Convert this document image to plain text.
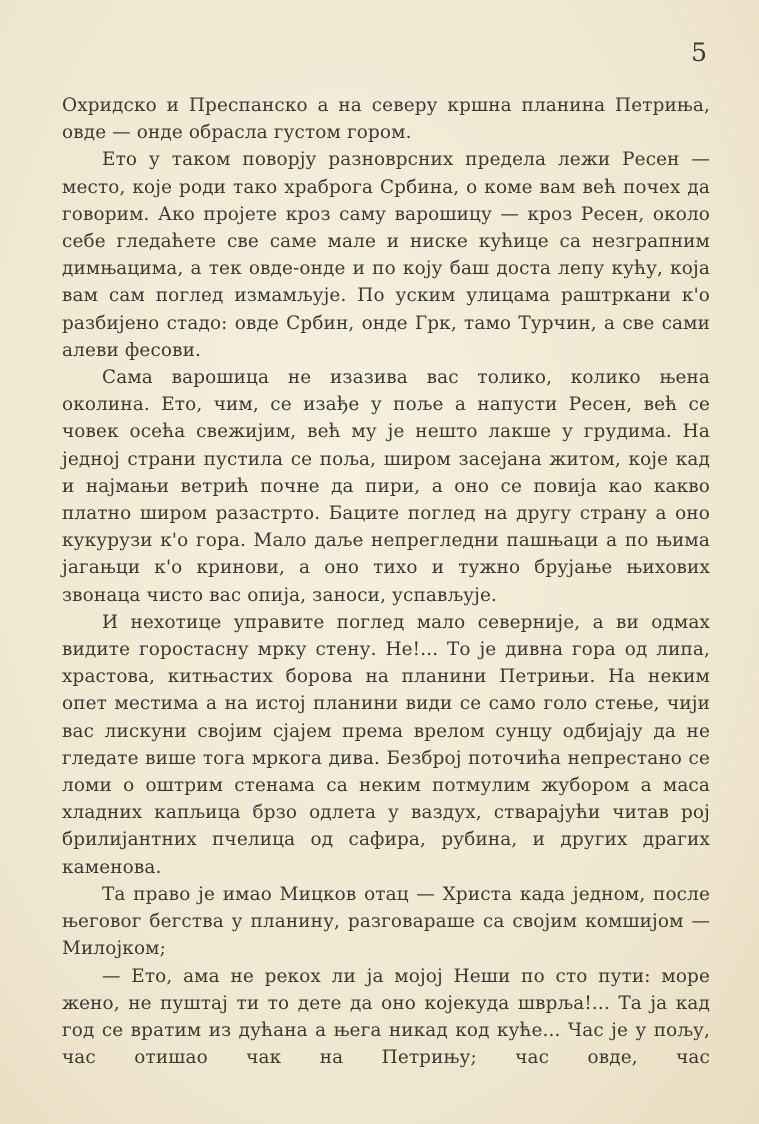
5

Охридско и Преспанско а на северу кршна планина Петриња, овде — онде обрасла густом гором.

Ето у таком поворју разноврсних предела лежи Ресен — место, које роди тако храброга Србина, о коме вам већ почех да говорим. Ако пројете кроз саму варошицу — кроз Ресен, около себе гледаћете све саме мале и ниске кућице са незграпним димњацима, а тек овде-онде и по коју баш доста лепу кућу, која вам сам поглед измамљује. По уским улицама раштркани к'о разбијено стадо: овде Србин, онде Грк, тамо Турчин, а све сами алеви фесови.

Сама варошица не изазива вас толико, колико њена околина. Ето, чим, се изађе у поље а напусти Ресен, већ се човек осећа свежијим, већ му је нешто лакше у грудима. На једној страни пустила се поља, широм засејана житом, које кад и најмањи ветрић почне да пири, а оно се повија као какво платно широм разастрто. Баците поглед на другу страну а оно кукурузи к'о гора. Мало даље непрегледни пашњаци а по њима јагањци к'о кринови, а оно тихо и тужно брујање њихових звонаца чисто вас опија, заноси, успављује.

И нехотице управите поглед мало северније, а ви одмах видите горостасну мрку стену. Не!... То је дивна гора од липа, храстова, китњастих борова на планини Петрињи. На неким опет местима а на истој планини види се само голо стење, чији вас лискуни својим сјајем према врелом сунцу одбијају да не гледате више тога мркога дива. Безброј поточића непрестано се ломи о оштрим стенама са неким потмулим жубором а маса хладних капљица брзо одлета у ваздух, стварајући читав рој брилијантних пчелица од сафира, рубина, и других драгих каменова.

Та право је имао Мицков отац — Христа када једном, после његовог бегства у планину, разговараше са својим комшијом — Милојком;

— Ето, ама не рекох ли ја мојој Неши по сто пути: море жено, не пуштај ти то дете да оно којекуда шврља!... Та ја кад год се вратим из дућана а њега никад код куће... Час је у пољу, час отишао чак на Петрињу; час овде, час
